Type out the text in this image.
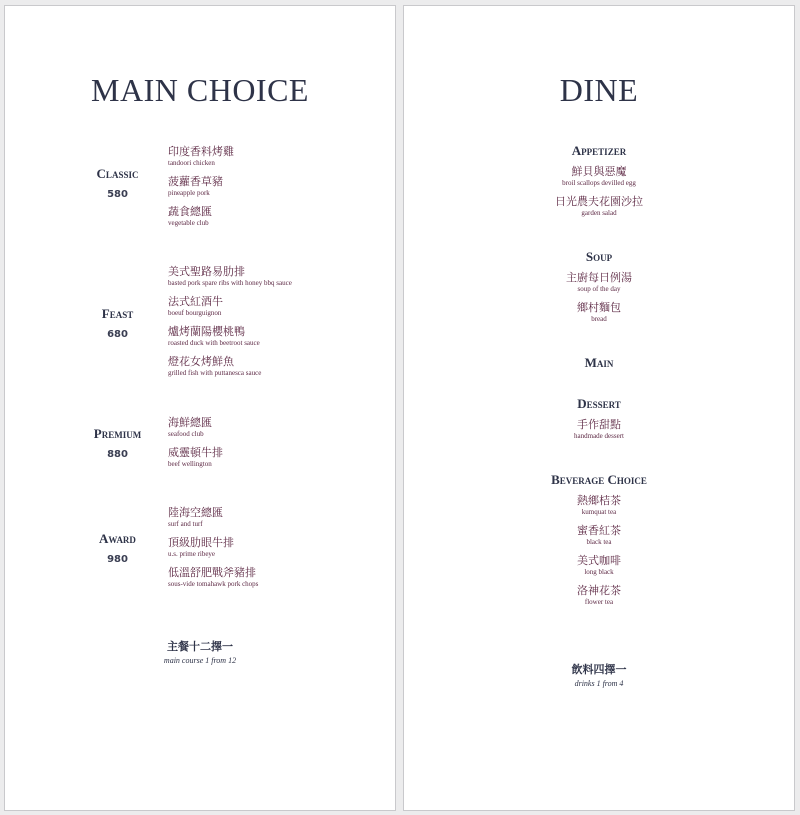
MAIN CHOICE
Classic
580
印度香料烤雞
tandoori chicken
菠蘿香草豬
pineapple pork
蔬食總匯
vegetable club
Feast
680
美式聖路易肋排
basted pork spare ribs with honey bbq sauce
法式紅酒牛
boeuf bourguignon
爐烤蘭陽櫻桃鴨
roasted duck with beetroot sauce
燈花女烤鮮魚
grilled fish with puttanesca sauce
Premium
880
海鮮總匯
seafood club
威靈頓牛排
beef wellington
Award
980
陸海空總匯
surf and turf
頂級肋眼牛排
u.s. prime ribeye
低溫舒肥戰斧豬排
sous-vide tomahawk pork chops
主餐十二擇一
main course 1 from 12
DINE
Appetizer
鮮貝與惡魔
broil scallops devilled egg
日光農夫花園沙拉
garden salad
Soup
主廚每日例湯
soup of the day
鄉村麵包
bread
Main
Dessert
手作甜點
handmade dessert
Beverage Choice
熱鄉桔茶
kumquat tea
蜜香紅茶
black tea
美式咖啡
long black
洛神花茶
flower tea
飲料四擇一
drinks 1 from 4
